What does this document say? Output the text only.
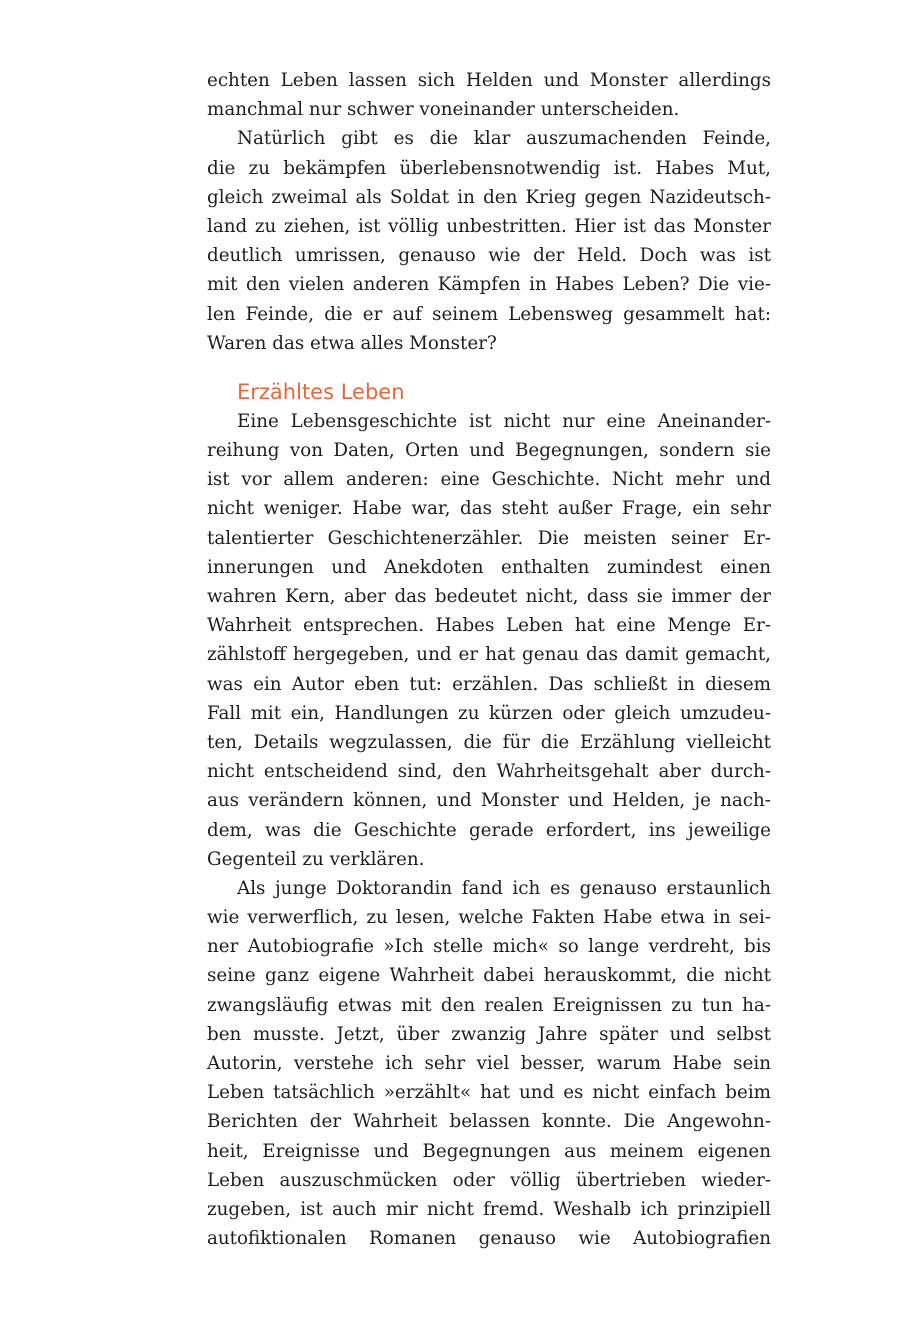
echten Leben lassen sich Helden und Monster allerdings
manchmal nur schwer voneinander unterscheiden.
Natürlich gibt es die klar auszumachenden Feinde,
die zu bekämpfen überlebensnotwendig ist. Habes Mut,
gleich zweimal als Soldat in den Krieg gegen Nazideutsch-
land zu ziehen, ist völlig unbestritten. Hier ist das Monster
deutlich umrissen, genauso wie der Held. Doch was ist
mit den vielen anderen Kämpfen in Habes Leben? Die vie-
len Feinde, die er auf seinem Lebensweg gesammelt hat:
Waren das etwa alles Monster?
Erzähltes Leben
Eine Lebensgeschichte ist nicht nur eine Aneinander-
reihung von Daten, Orten und Begegnungen, sondern sie
ist vor allem anderen: eine Geschichte. Nicht mehr und
nicht weniger. Habe war, das steht außer Frage, ein sehr
talentierter Geschichtenerzähler. Die meisten seiner Er-
innerungen und Anekdoten enthalten zumindest einen
wahren Kern, aber das bedeutet nicht, dass sie immer der
Wahrheit entsprechen. Habes Leben hat eine Menge Er-
zählstoff hergegeben, und er hat genau das damit gemacht,
was ein Autor eben tut: erzählen. Das schließt in diesem
Fall mit ein, Handlungen zu kürzen oder gleich umzudeu-
ten, Details wegzulassen, die für die Erzählung vielleicht
nicht entscheidend sind, den Wahrheitsgehalt aber durch-
aus verändern können, und Monster und Helden, je nach-
dem, was die Geschichte gerade erfordert, ins jeweilige
Gegenteil zu verklären.
Als junge Doktorandin fand ich es genauso erstaunlich
wie verwerflich, zu lesen, welche Fakten Habe etwa in sei-
ner Autobiografie »Ich stelle mich« so lange verdreht, bis
seine ganz eigene Wahrheit dabei herauskommt, die nicht
zwangsläufig etwas mit den realen Ereignissen zu tun ha-
ben musste. Jetzt, über zwanzig Jahre später und selbst
Autorin, verstehe ich sehr viel besser, warum Habe sein
Leben tatsächlich »erzählt« hat und es nicht einfach beim
Berichten der Wahrheit belassen konnte. Die Angewohn-
heit, Ereignisse und Begegnungen aus meinem eigenen
Leben auszuschmücken oder völlig übertrieben wieder-
zugeben, ist auch mir nicht fremd. Weshalb ich prinzipiell
autofiktionalen Romanen genauso wie Autobiografien
